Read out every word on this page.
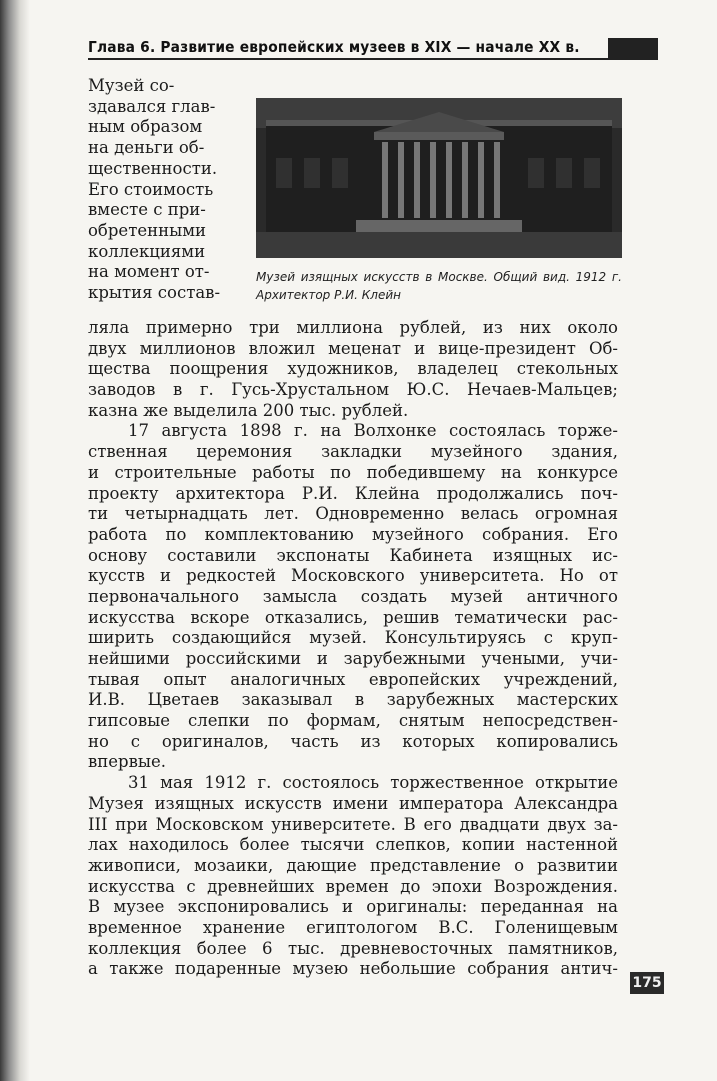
Глава 6. Развитие европейских музеев в XIX — начале XX в.
Музей со-
здавался глав-
ным образом
на деньги об-
щественности.
Его стоимость
вместе с при-
обретенными
коллекциями
на момент от-
крытия состав-
Музей изящных искусств в Москве. Общий вид. 1912 г. Архитектор Р.И. Клейн
ляла примерно три миллиона рублей, из них около
двух миллионов вложил меценат и вице-президент Об-
щества поощрения художников, владелец стекольных
заводов в г. Гусь-Хрустальном Ю.С. Нечаев-Мальцев;
казна же выделила 200 тыс. рублей.
17 августа 1898 г. на Волхонке состоялась торже-
ственная церемония закладки музейного здания,
и строительные работы по победившему на конкурсе
проекту архитектора Р.И. Клейна продолжались поч-
ти четырнадцать лет. Одновременно велась огромная
работа по комплектованию музейного собрания. Его
основу составили экспонаты Кабинета изящных ис-
кусств и редкостей Московского университета. Но от
первоначального замысла создать музей античного
искусства вскоре отказались, решив тематически рас-
ширить создающийся музей. Консультируясь с круп-
нейшими российскими и зарубежными учеными, учи-
тывая опыт аналогичных европейских учреждений,
И.В. Цветаев заказывал в зарубежных мастерских
гипсовые слепки по формам, снятым непосредствен-
но с оригиналов, часть из которых копировались
впервые.
31 мая 1912 г. состоялось торжественное открытие
Музея изящных искусств имени императора Александра
III при Московском университете. В его двадцати двух за-
лах находилось более тысячи слепков, копии настенной
живописи, мозаики, дающие представление о развитии
искусства с древнейших времен до эпохи Возрождения.
В музее экспонировались и оригиналы: переданная на
временное хранение египтологом В.С. Голенищевым
коллекция более 6 тыс. древневосточных памятников,
а также подаренные музею небольшие собрания антич-
175
